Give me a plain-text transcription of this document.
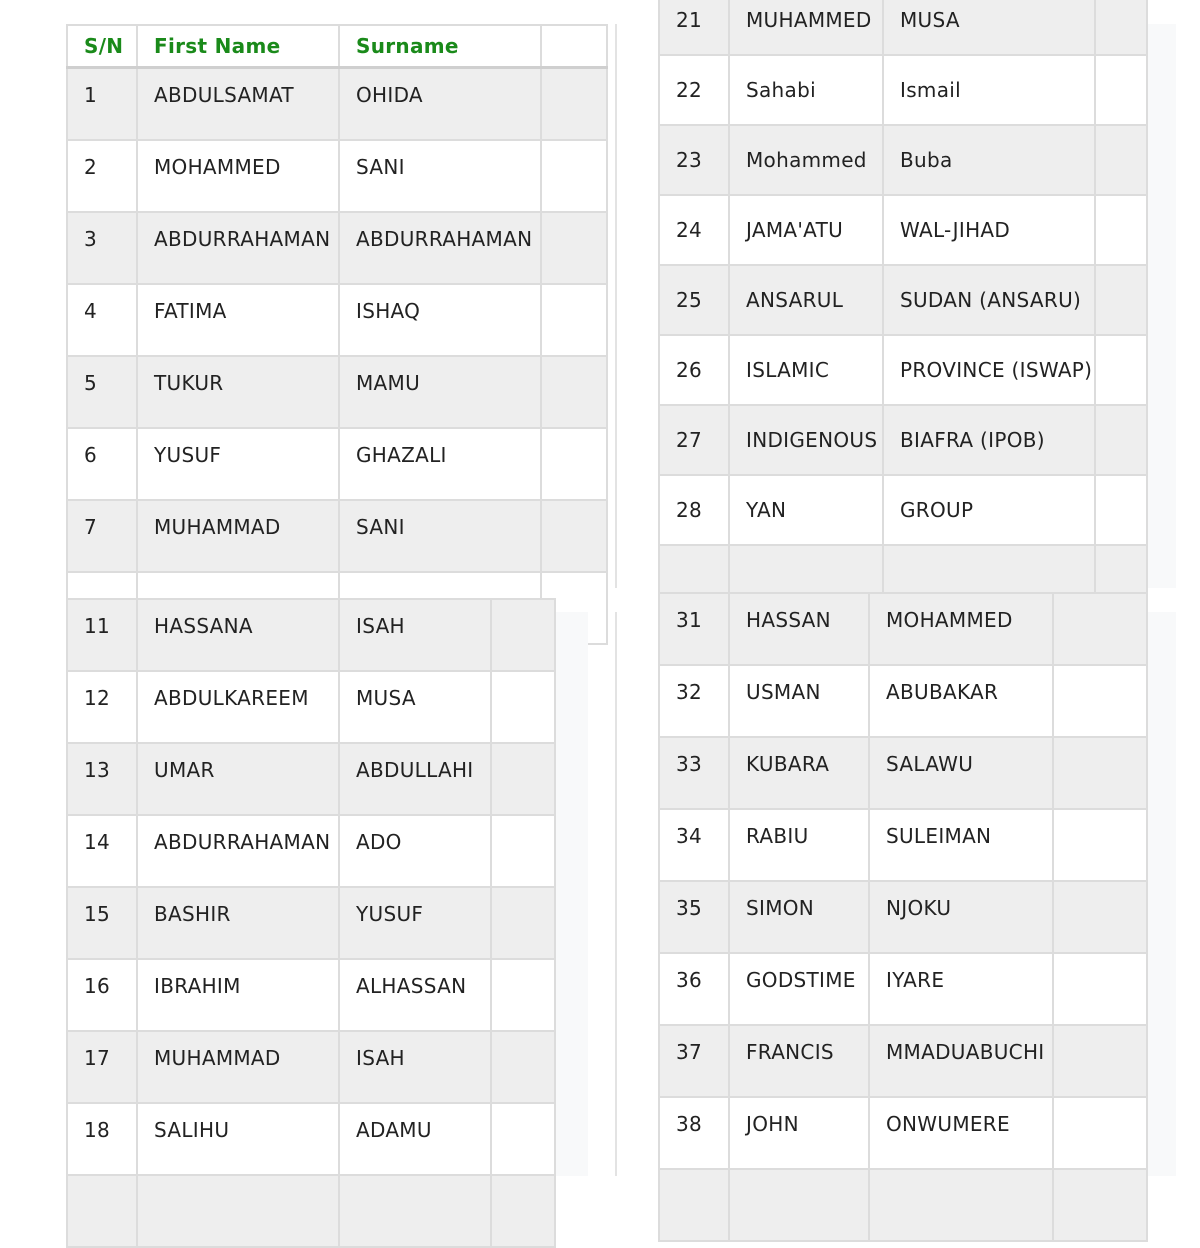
S/N	First Name	Surname	
1	ABDULSAMAT	OHIDA	
2	MOHAMMED	SANI	
3	ABDURRAHAMAN	ABDURRAHAMAN	
4	FATIMA	ISHAQ	
5	TUKUR	MAMU	
6	YUSUF	GHAZALI	
7	MUHAMMAD	SANI	

21	MUHAMMED	MUSA	
22	Sahabi	Ismail	
23	Mohammed	Buba	
24	JAMA'ATU	WAL-JIHAD	
25	ANSARUL	SUDAN (ANSARU)	
26	ISLAMIC	PROVINCE (ISWAP)	
27	INDIGENOUS	BIAFRA (IPOB)	
28	YAN	GROUP	

11	HASSANA	ISAH	
12	ABDULKAREEM	MUSA	
13	UMAR	ABDULLAHI	
14	ABDURRAHAMAN	ADO	
15	BASHIR	YUSUF	
16	IBRAHIM	ALHASSAN	
17	MUHAMMAD	ISAH	
18	SALIHU	ADAMU	

31	HASSAN	MOHAMMED	
32	USMAN	ABUBAKAR	
33	KUBARA	SALAWU	
34	RABIU	SULEIMAN	
35	SIMON	NJOKU	
36	GODSTIME	IYARE	
37	FRANCIS	MMADUABUCHI	
38	JOHN	ONWUMERE	
